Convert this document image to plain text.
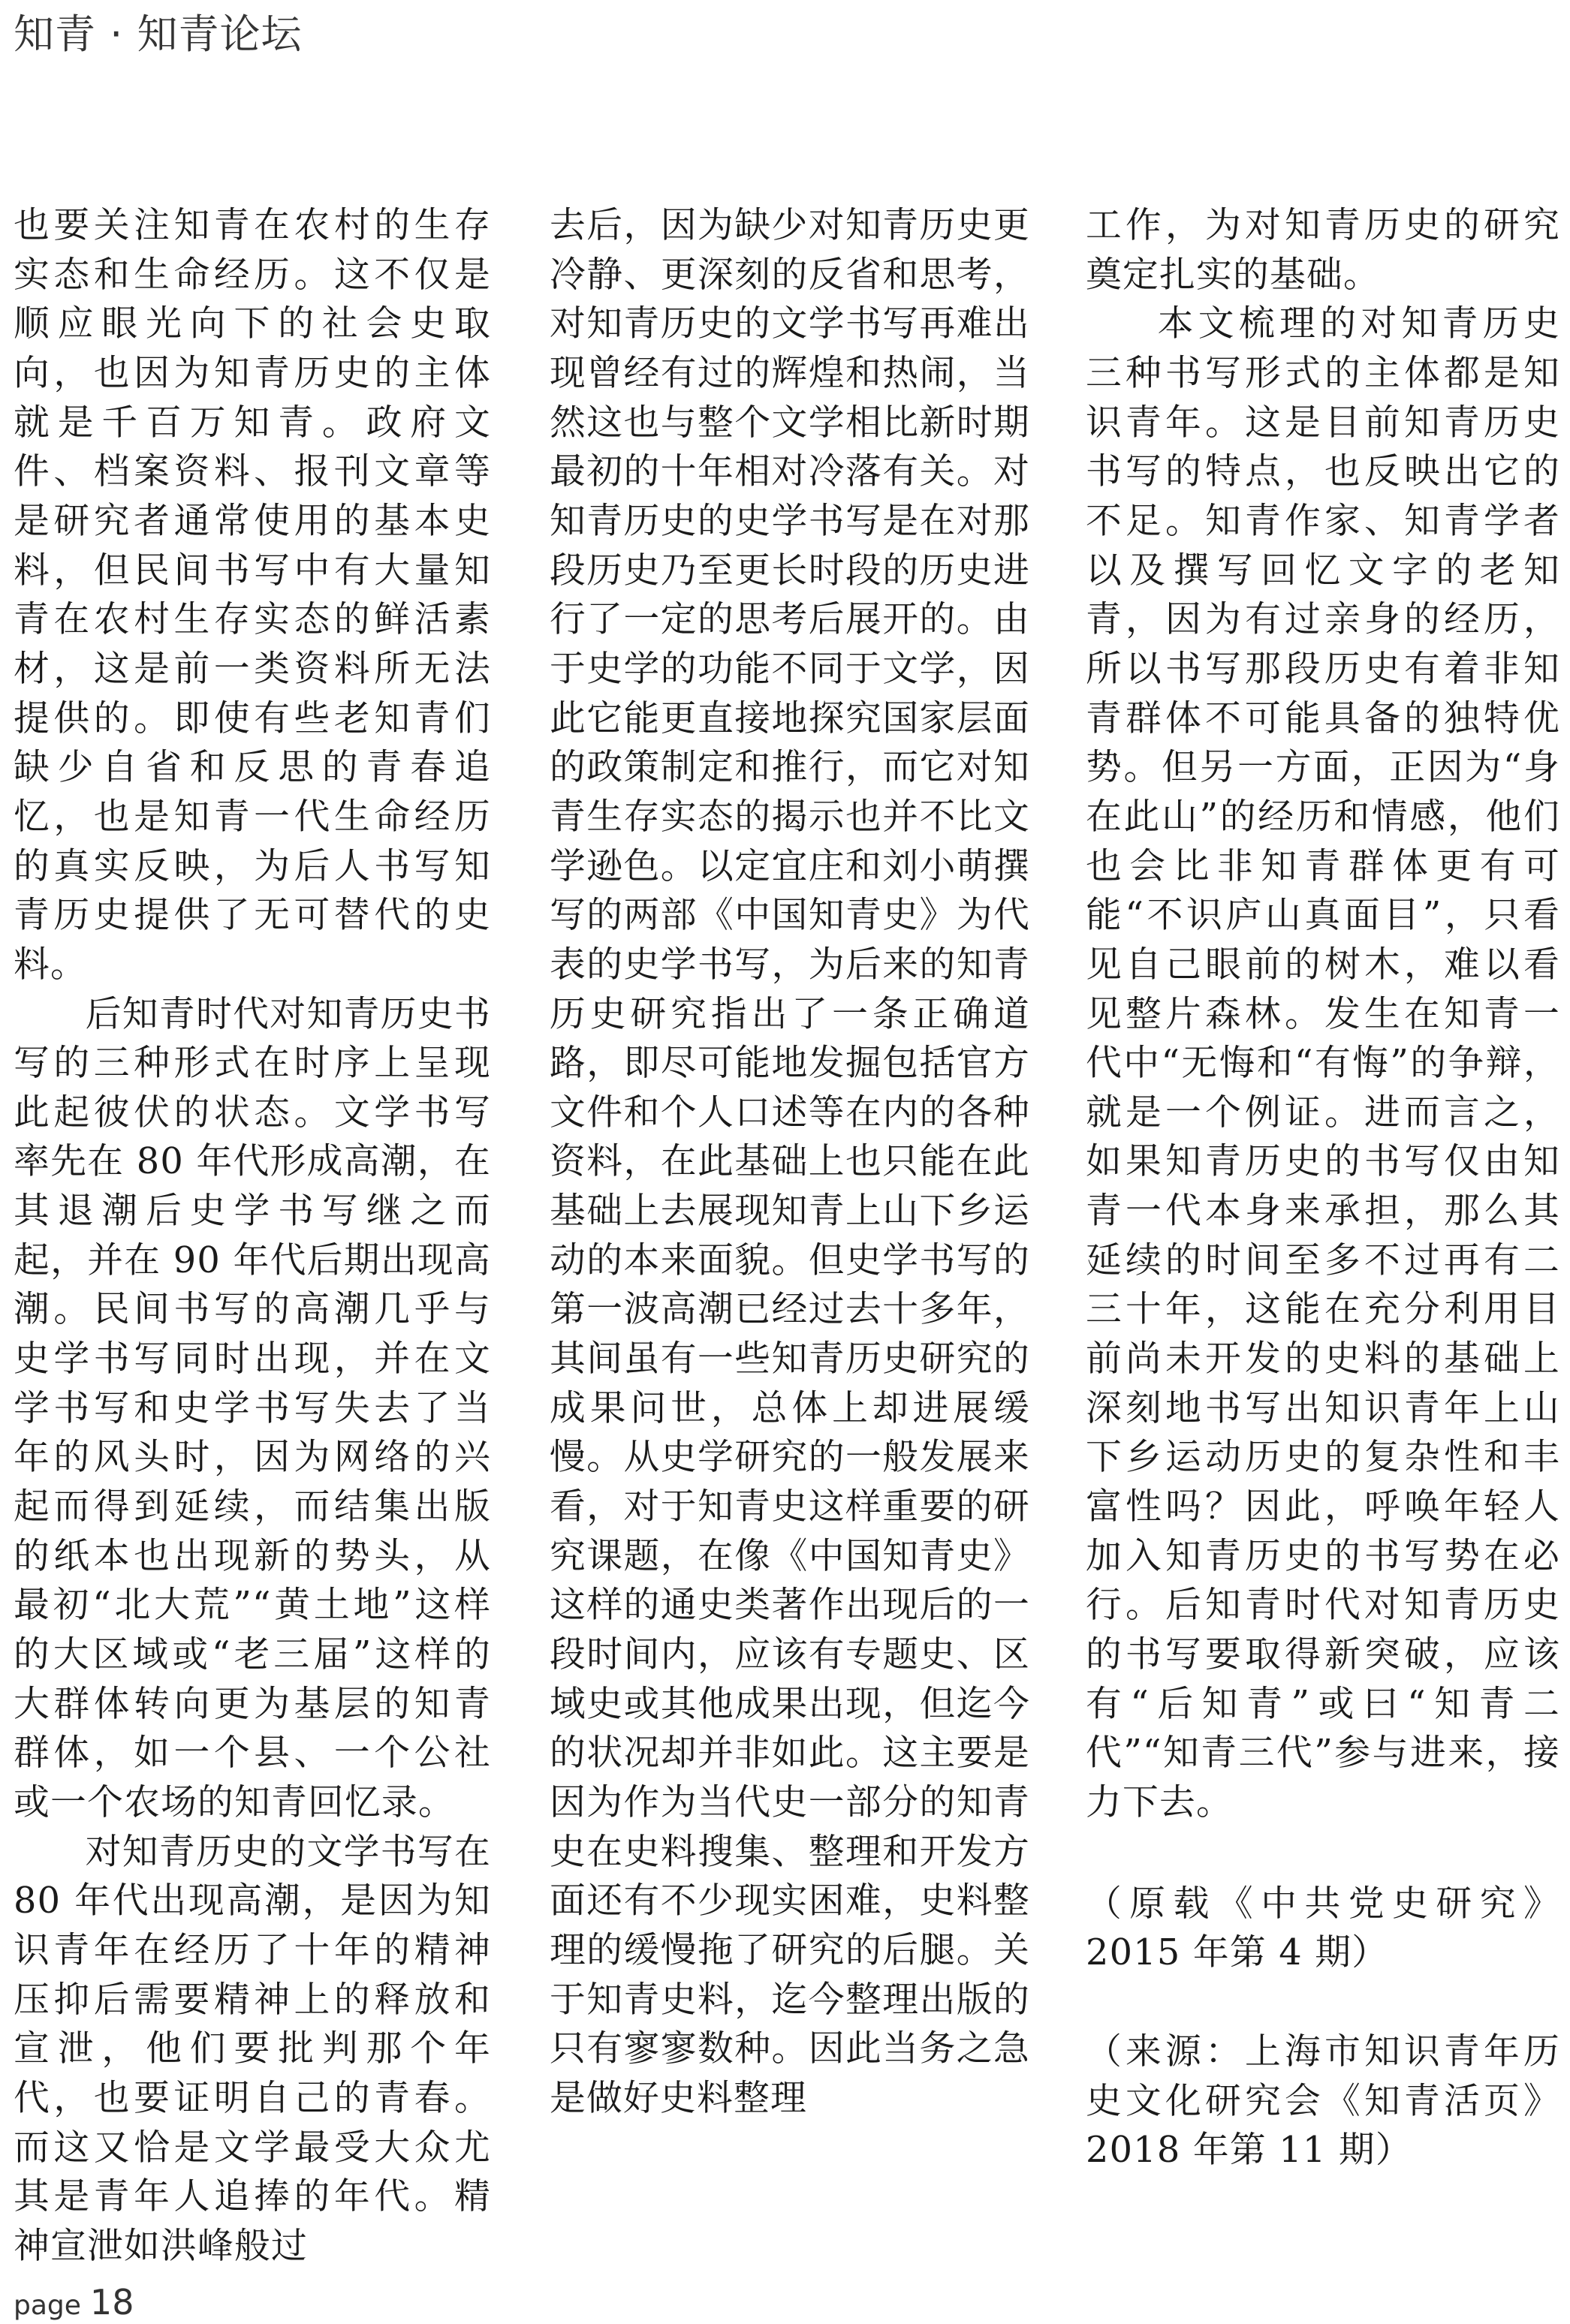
知青 · 知青论坛

也要关注知青在农村的生存实态和生命经历。这不仅是顺应眼光向下的社会史取向，也因为知青历史的主体就是千百万知青。政府文件、档案资料、报刊文章等是研究者通常使用的基本史料，但民间书写中有大量知青在农村生存实态的鲜活素材，这是前一类资料所无法提供的。即使有些老知青们缺少自省和反思的青春追忆，也是知青一代生命经历的真实反映，为后人书写知青历史提供了无可替代的史料。

后知青时代对知青历史书写的三种形式在时序上呈现此起彼伏的状态。文学书写率先在 80 年代形成高潮，在其退潮后史学书写继之而起，并在 90 年代后期出现高潮。民间书写的高潮几乎与史学书写同时出现，并在文学书写和史学书写失去了当年的风头时，因为网络的兴起而得到延续，而结集出版的纸本也出现新的势头，从最初“北大荒”“黄土地”这样的大区域或“老三届”这样的大群体转向更为基层的知青群体，如一个县、一个公社或一个农场的知青回忆录。

对知青历史的文学书写在 80 年代出现高潮，是因为知识青年在经历了十年的精神压抑后需要精神上的释放和宣泄，他们要批判那个年代，也要证明自己的青春。而这又恰是文学最受大众尤其是青年人追捧的年代。精神宣泄如洪峰般过

去后，因为缺少对知青历史更冷静、更深刻的反省和思考，对知青历史的文学书写再难出现曾经有过的辉煌和热闹，当然这也与整个文学相比新时期最初的十年相对冷落有关。对知青历史的史学书写是在对那段历史乃至更长时段的历史进行了一定的思考后展开的。由于史学的功能不同于文学，因此它能更直接地探究国家层面的政策制定和推行，而它对知青生存实态的揭示也并不比文学逊色。以定宜庄和刘小萌撰写的两部《中国知青史》为代表的史学书写，为后来的知青历史研究指出了一条正确道路，即尽可能地发掘包括官方文件和个人口述等在内的各种资料，在此基础上也只能在此基础上去展现知青上山下乡运动的本来面貌。但史学书写的第一波高潮已经过去十多年，其间虽有一些知青历史研究的成果问世，总体上却进展缓慢。从史学研究的一般发展来看，对于知青史这样重要的研究课题，在像《中国知青史》这样的通史类著作出现后的一段时间内，应该有专题史、区域史或其他成果出现，但迄今的状况却并非如此。这主要是因为作为当代史一部分的知青史在史料搜集、整理和开发方面还有不少现实困难，史料整理的缓慢拖了研究的后腿。关于知青史料，迄今整理出版的只有寥寥数种。因此当务之急是做好史料整理

工作，为对知青历史的研究奠定扎实的基础。

本文梳理的对知青历史三种书写形式的主体都是知识青年。这是目前知青历史书写的特点，也反映出它的不足。知青作家、知青学者以及撰写回忆文字的老知青，因为有过亲身的经历，所以书写那段历史有着非知青群体不可能具备的独特优势。但另一方面，正因为“身在此山”的经历和情感，他们也会比非知青群体更有可能“不识庐山真面目”，只看见自己眼前的树木，难以看见整片森林。发生在知青一代中“无悔和“有悔”的争辩，就是一个例证。进而言之，如果知青历史的书写仅由知青一代本身来承担，那么其延续的时间至多不过再有二三十年，这能在充分利用目前尚未开发的史料的基础上深刻地书写出知识青年上山下乡运动历史的复杂性和丰富性吗？因此，呼唤年轻人加入知青历史的书写势在必行。后知青时代对知青历史的书写要取得新突破，应该有“后知青”或曰“知青二代”“知青三代”参与进来，接力下去。

（原载《中共党史研究》2015 年第 4 期）

（来源：上海市知识青年历史文化研究会《知青活页》2018 年第 11 期）

page 18
